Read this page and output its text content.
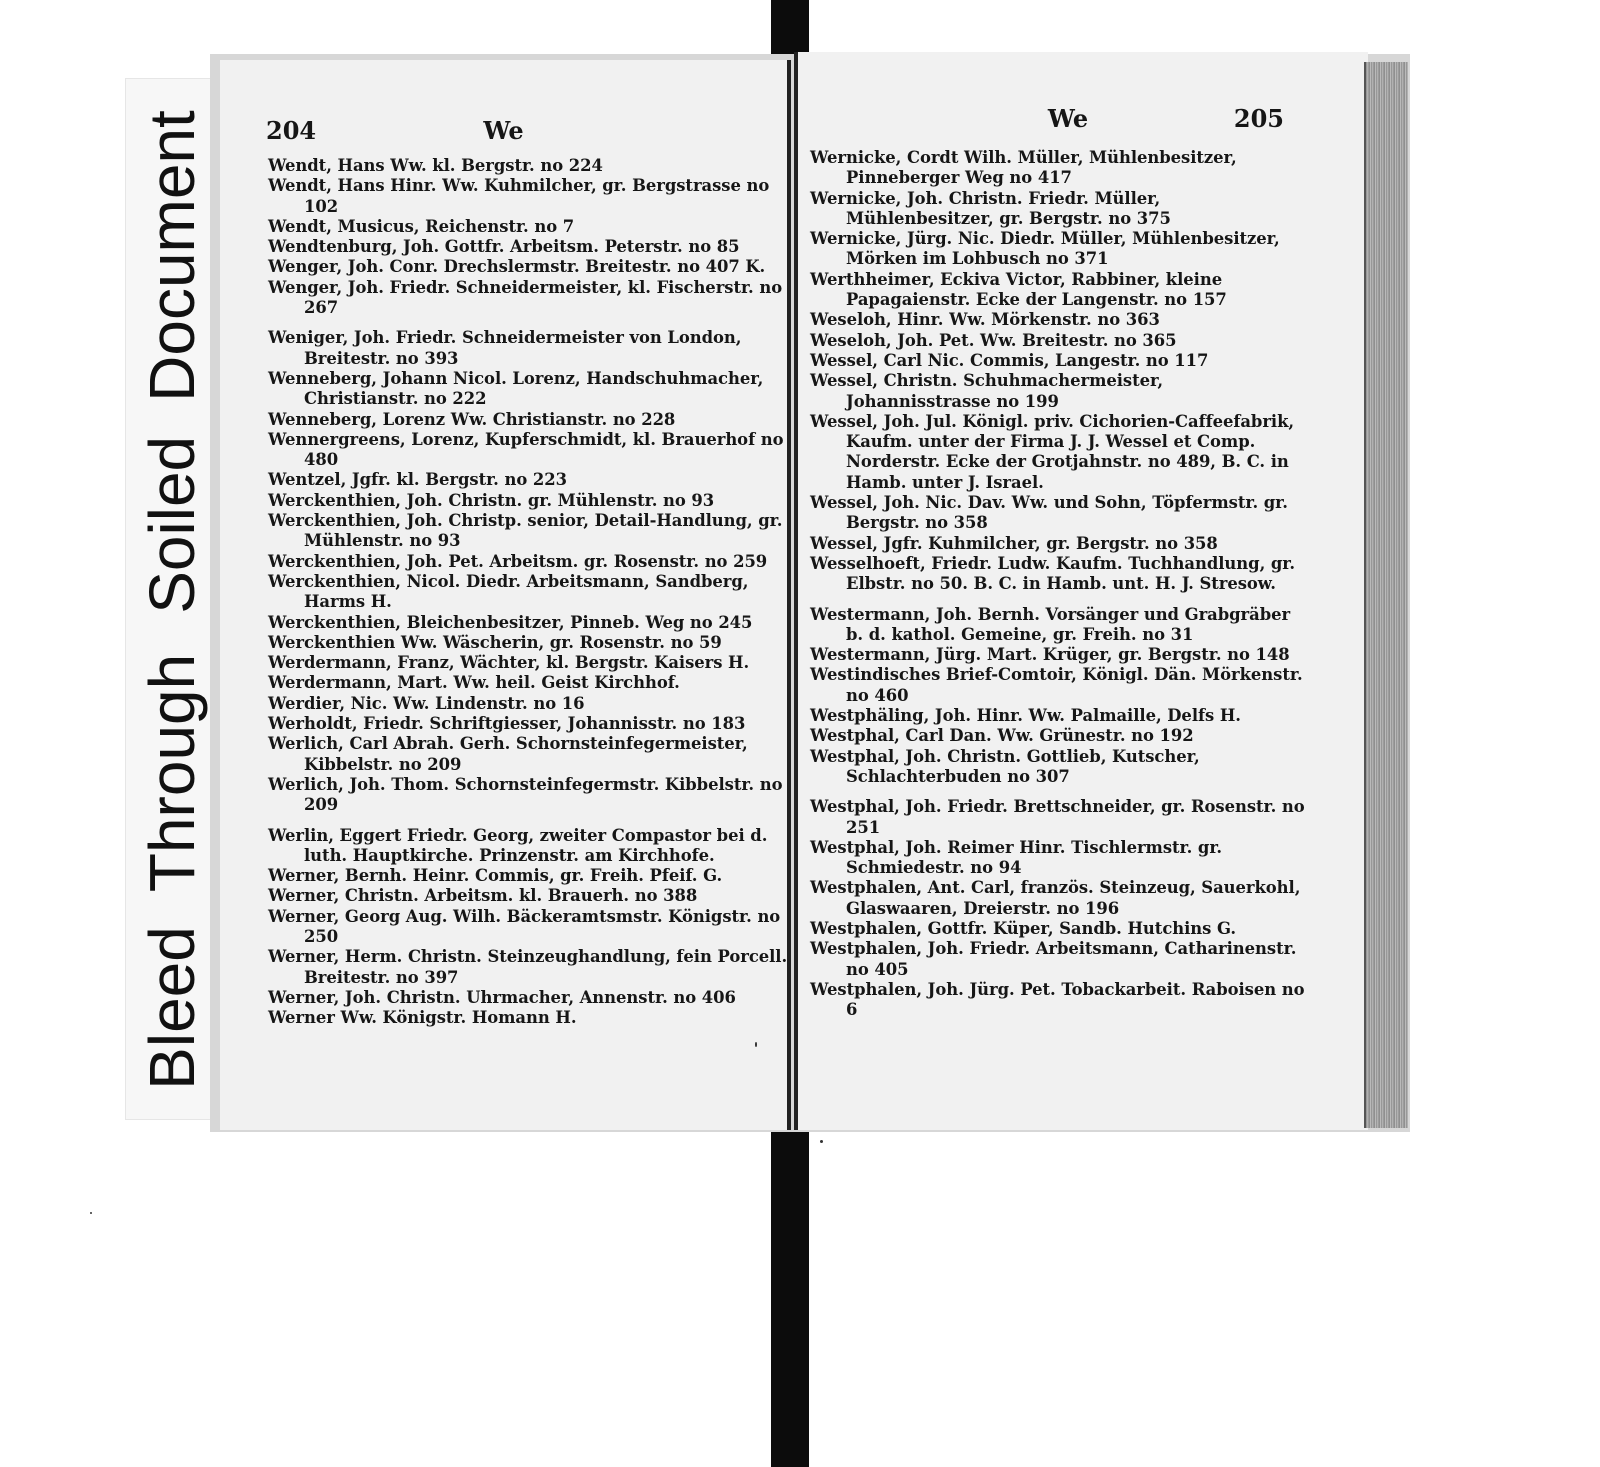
BleedThroughSoiledDocument	We
204

Wendt, Hans Ww. kl. Bergstr. no 224

Wendt, Hans Hinr. Ww. Kuhmilcher, gr. Bergstrasse no 102

Wendt, Musicus, Reichenstr. no 7

Wendtenburg, Joh. Gottfr. Arbeitsm. Peterstr. no 85

Wenger, Joh. Conr. Drechslermstr. Breitestr. no 407 K.

Wenger, Joh. Friedr. Schneidermeister, kl. Fischerstr. no 267

Weniger, Joh. Friedr. Schneidermeister von London, Breitestr. no 393

Wenneberg, Johann Nicol. Lorenz, Handschuhmacher, Christianstr. no 222

Wenneberg, Lorenz Ww. Christianstr. no 228

Wennergreens, Lorenz, Kupferschmidt, kl. Brauerhof no 480

Wentzel, Jgfr. kl. Bergstr. no 223

Werckenthien, Joh. Christn. gr. Mühlenstr. no 93

Werckenthien, Joh. Christp. senior, Detail-Handlung, gr. Mühlenstr. no 93

Werckenthien, Joh. Pet. Arbeitsm. gr. Rosenstr. no 259

Werckenthien, Nicol. Diedr. Arbeitsmann, Sandberg, Harms H.

Werckenthien, Bleichenbesitzer, Pinneb. Weg no 245

Werckenthien Ww. Wäscherin, gr. Rosenstr. no 59

Werdermann, Franz, Wächter, kl. Bergstr. Kaisers H.

Werdermann, Mart. Ww. heil. Geist Kirchhof.

Werdier, Nic. Ww. Lindenstr. no 16

Werholdt, Friedr. Schriftgiesser, Johannisstr. no 183

Werlich, Carl Abrah. Gerh. Schornsteinfegermeister, Kibbelstr. no 209

Werlich, Joh. Thom. Schornsteinfegermstr. Kibbelstr. no 209

Werlin, Eggert Friedr. Georg, zweiter Compastor bei d. luth. Hauptkirche. Prinzenstr. am Kirchhofe.

Werner, Bernh. Heinr. Commis, gr. Freih. Pfeif. G.

Werner, Christn. Arbeitsm. kl. Brauerh. no 388

Werner, Georg Aug. Wilh. Bäckeramtsmstr. Königstr. no 250

Werner, Herm. Christn. Steinzeughandlung, fein Porcell. Breitestr. no 397

Werner, Joh. Christn. Uhrmacher, Annenstr. no 406

Werner Ww. Königstr. Homann H.

We	205

Wernicke, Cordt Wilh. Müller, Mühlenbesitzer, Pinneberger Weg no 417

Wernicke, Joh. Christn. Friedr. Müller, Mühlenbesitzer, gr. Bergstr. no 375

Wernicke, Jürg. Nic. Diedr. Müller, Mühlenbesitzer, Mörken im Lohbusch no 371

Werthheimer, Eckiva Victor, Rabbiner, kleine Papagaienstr. Ecke der Langenstr. no 157

Weseloh, Hinr. Ww. Mörkenstr. no 363

Weseloh, Joh. Pet. Ww. Breitestr. no 365

Wessel, Carl Nic. Commis, Langestr. no 117

Wessel, Christn. Schuhmachermeister, Johannisstrasse no 199

Wessel, Joh. Jul. Königl. priv. Cichorien-Caffeefabrik, Kaufm. unter der Firma J. J. Wessel et Comp. Norderstr. Ecke der Grotjahnstr. no 489, B. C. in Hamb. unter J. Israel.

Wessel, Joh. Nic. Dav. Ww. und Sohn, Töpfermstr. gr. Bergstr. no 358

Wessel, Jgfr. Kuhmilcher, gr. Bergstr. no 358

Wesselhoeft, Friedr. Ludw. Kaufm. Tuchhandlung, gr. Elbstr. no 50. B. C. in Hamb. unt. H. J. Stresow.

Westermann, Joh. Bernh. Vorsänger und Grabgräber b. d. kathol. Gemeine, gr. Freih. no 31

Westermann, Jürg. Mart. Krüger, gr. Bergstr. no 148

Westindisches Brief-Comtoir, Königl. Dän. Mörkenstr. no 460

Westphäling, Joh. Hinr. Ww. Palmaille, Delfs H.

Westphal, Carl Dan. Ww. Grünestr. no 192

Westphal, Joh. Christn. Gottlieb, Kutscher, Schlachterbuden no 307

Westphal, Joh. Friedr. Brettschneider, gr. Rosenstr. no 251

Westphal, Joh. Reimer Hinr. Tischlermstr. gr. Schmiedestr. no 94

Westphalen, Ant. Carl, französ. Steinzeug, Sauerkohl, Glaswaaren, Dreierstr. no 196

Westphalen, Gottfr. Küper, Sandb. Hutchins G.

Westphalen, Joh. Friedr. Arbeitsmann, Catharinenstr. no 405

Westphalen, Joh. Jürg. Pet. Tobackarbeit. Raboisen no 6
